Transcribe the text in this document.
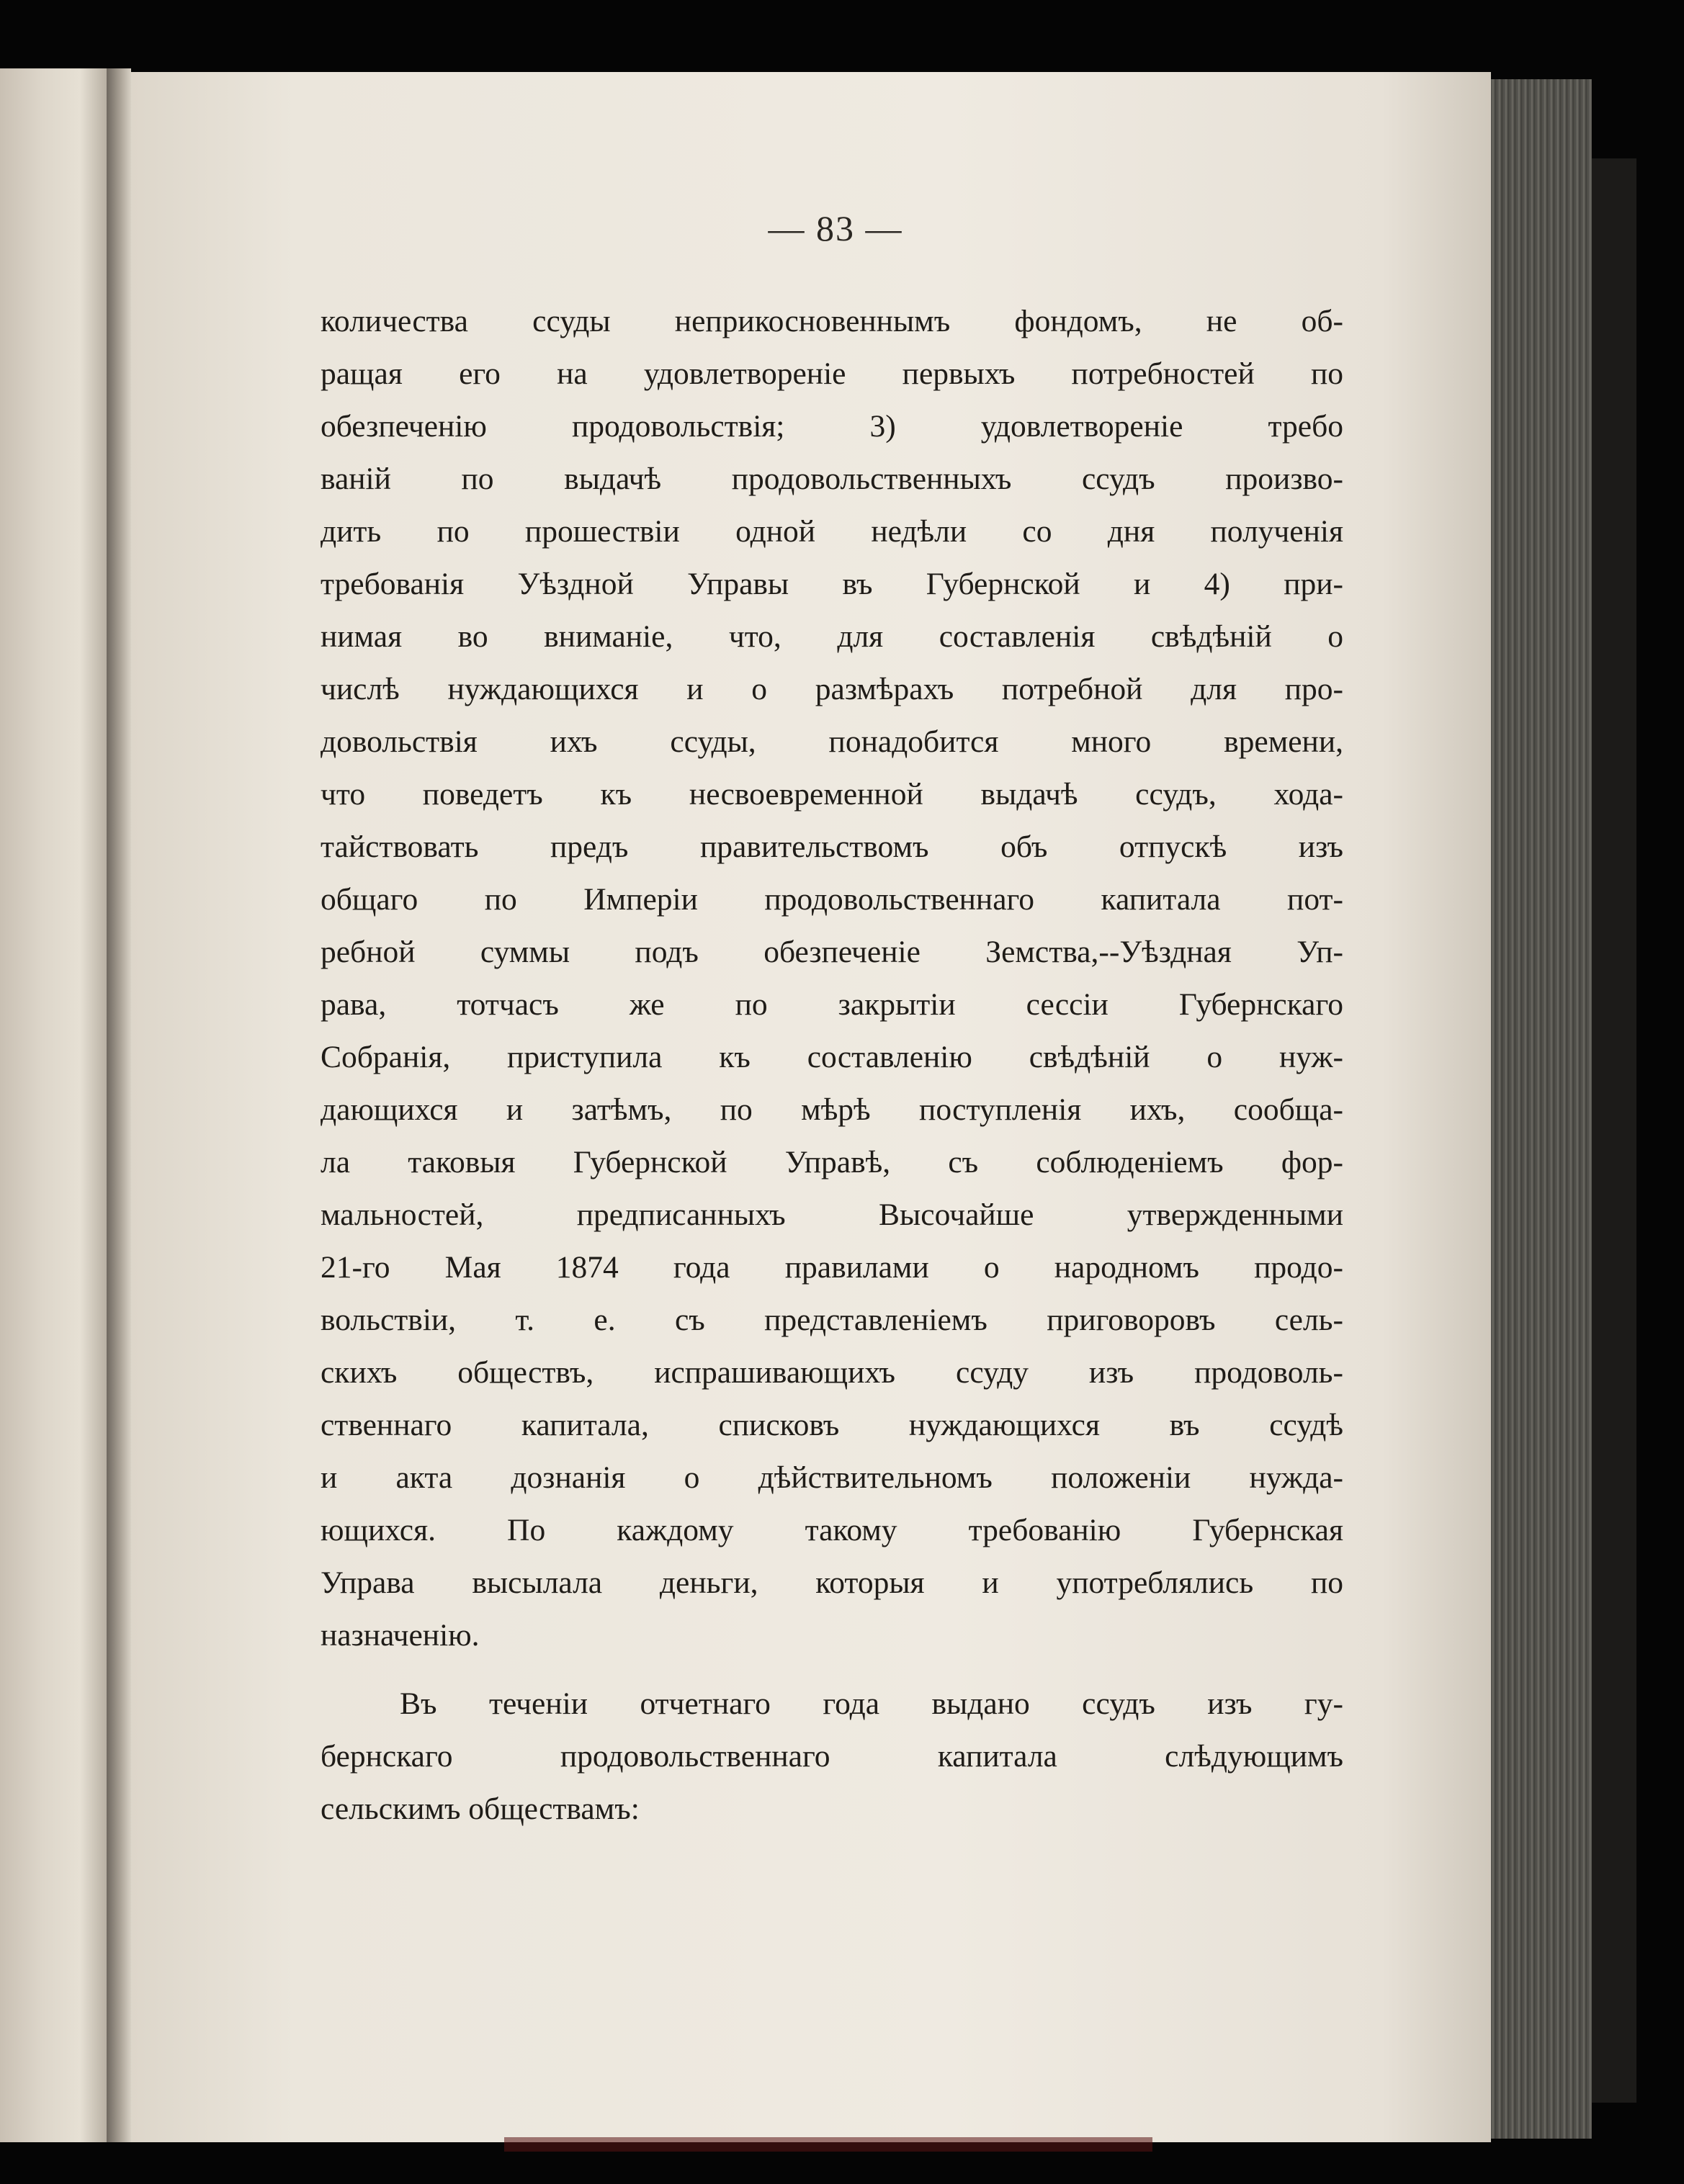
— 83 —
количества ссуды неприкосновеннымъ фондомъ, не об-
ращая его на удовлетвореніе первыхъ потребностей по
обезпеченію продовольствія; 3) удовлетвореніе требо
ваній по выдачѣ продовольственныхъ ссудъ произво-
дить по прошествіи одной недѣли со дня полученія
требованія Уѣздной Управы въ Губернской и 4) при-
нимая во вниманіе, что, для составленія свѣдѣній о
числѣ нуждающихся и о размѣрахъ потребной для про-
довольствія ихъ ссуды, понадобится много времени,
что поведетъ къ несвоевременной выдачѣ ссудъ, хода-
тайствовать предъ правительствомъ объ отпускѣ изъ
общаго по Имперіи продовольственнаго капитала пот-
ребной суммы подъ обезпеченіе Земства,--Уѣздная Уп-
рава, тотчасъ же по закрытіи сессіи Губернскаго
Собранія, приступила къ составленію свѣдѣній о нуж-
дающихся и затѣмъ, по мѣрѣ поступленія ихъ, сообща-
ла таковыя Губернской Управѣ, съ соблюденіемъ фор-
мальностей, предписанныхъ Высочайше утвержденными
21-го Мая 1874 года правилами о народномъ продо-
вольствіи, т. е. съ представленіемъ приговоровъ сель-
скихъ обществъ, испрашивающихъ ссуду изъ продоволь-
ственнаго капитала, списковъ нуждающихся въ ссудѣ
и акта дознанія о дѣйствительномъ положеніи нужда-
ющихся. По каждому такому требованію Губернская
Управа высылала деньги, которыя и употреблялись по
назначенію.
Въ теченіи отчетнаго года выдано ссудъ изъ гу-
бернскаго продовольственнаго капитала слѣдующимъ
сельскимъ обществамъ:
